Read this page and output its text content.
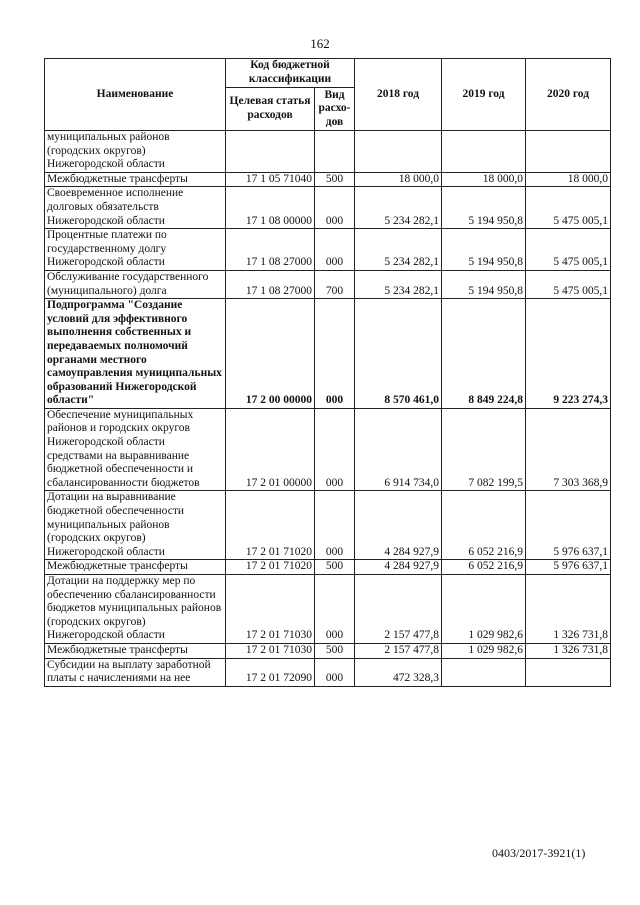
162
Наименование	Код бюджетной классификации		2018 год	2019 год	2020 год
	Целевая статья расходов	Вид расхо-дов			
муниципальных районов (городских округов) Нижегородской области					
Межбюджетные трансферты	17 1 05 71040	500	18 000,0	18 000,0	18 000,0
Своевременное исполнение долговых обязательств Нижегородской области	17 1 08 00000	000	5 234 282,1	5 194 950,8	5 475 005,1
Процентные платежи по государственному долгу Нижегородской области	17 1 08 27000	000	5 234 282,1	5 194 950,8	5 475 005,1
Обслуживание государственного (муниципального) долга	17 1 08 27000	700	5 234 282,1	5 194 950,8	5 475 005,1
Подпрограмма "Создание условий для эффективного выполнения собственных и передаваемых полномочий органами местного самоуправления муниципальных образований Нижегородской области"	17 2 00 00000	000	8 570 461,0	8 849 224,8	9 223 274,3
Обеспечение муниципальных районов и городских округов Нижегородской области средствами на выравнивание бюджетной обеспеченности и сбалансированности бюджетов	17 2 01 00000	000	6 914 734,0	7 082 199,5	7 303 368,9
Дотации на выравнивание бюджетной обеспеченности муниципальных районов (городских округов) Нижегородской области	17 2 01 71020	000	4 284 927,9	6 052 216,9	5 976 637,1
Межбюджетные трансферты	17 2 01 71020	500	4 284 927,9	6 052 216,9	5 976 637,1
Дотации на поддержку мер по обеспечению сбалансированности бюджетов муниципальных районов (городских округов) Нижегородской области	17 2 01 71030	000	2 157 477,8	1 029 982,6	1 326 731,8
Межбюджетные трансферты	17 2 01 71030	500	2 157 477,8	1 029 982,6	1 326 731,8
Субсидии на выплату заработной платы с начислениями на нее	17 2 01 72090	000	472 328,3		
0403/2017-3921(1)
